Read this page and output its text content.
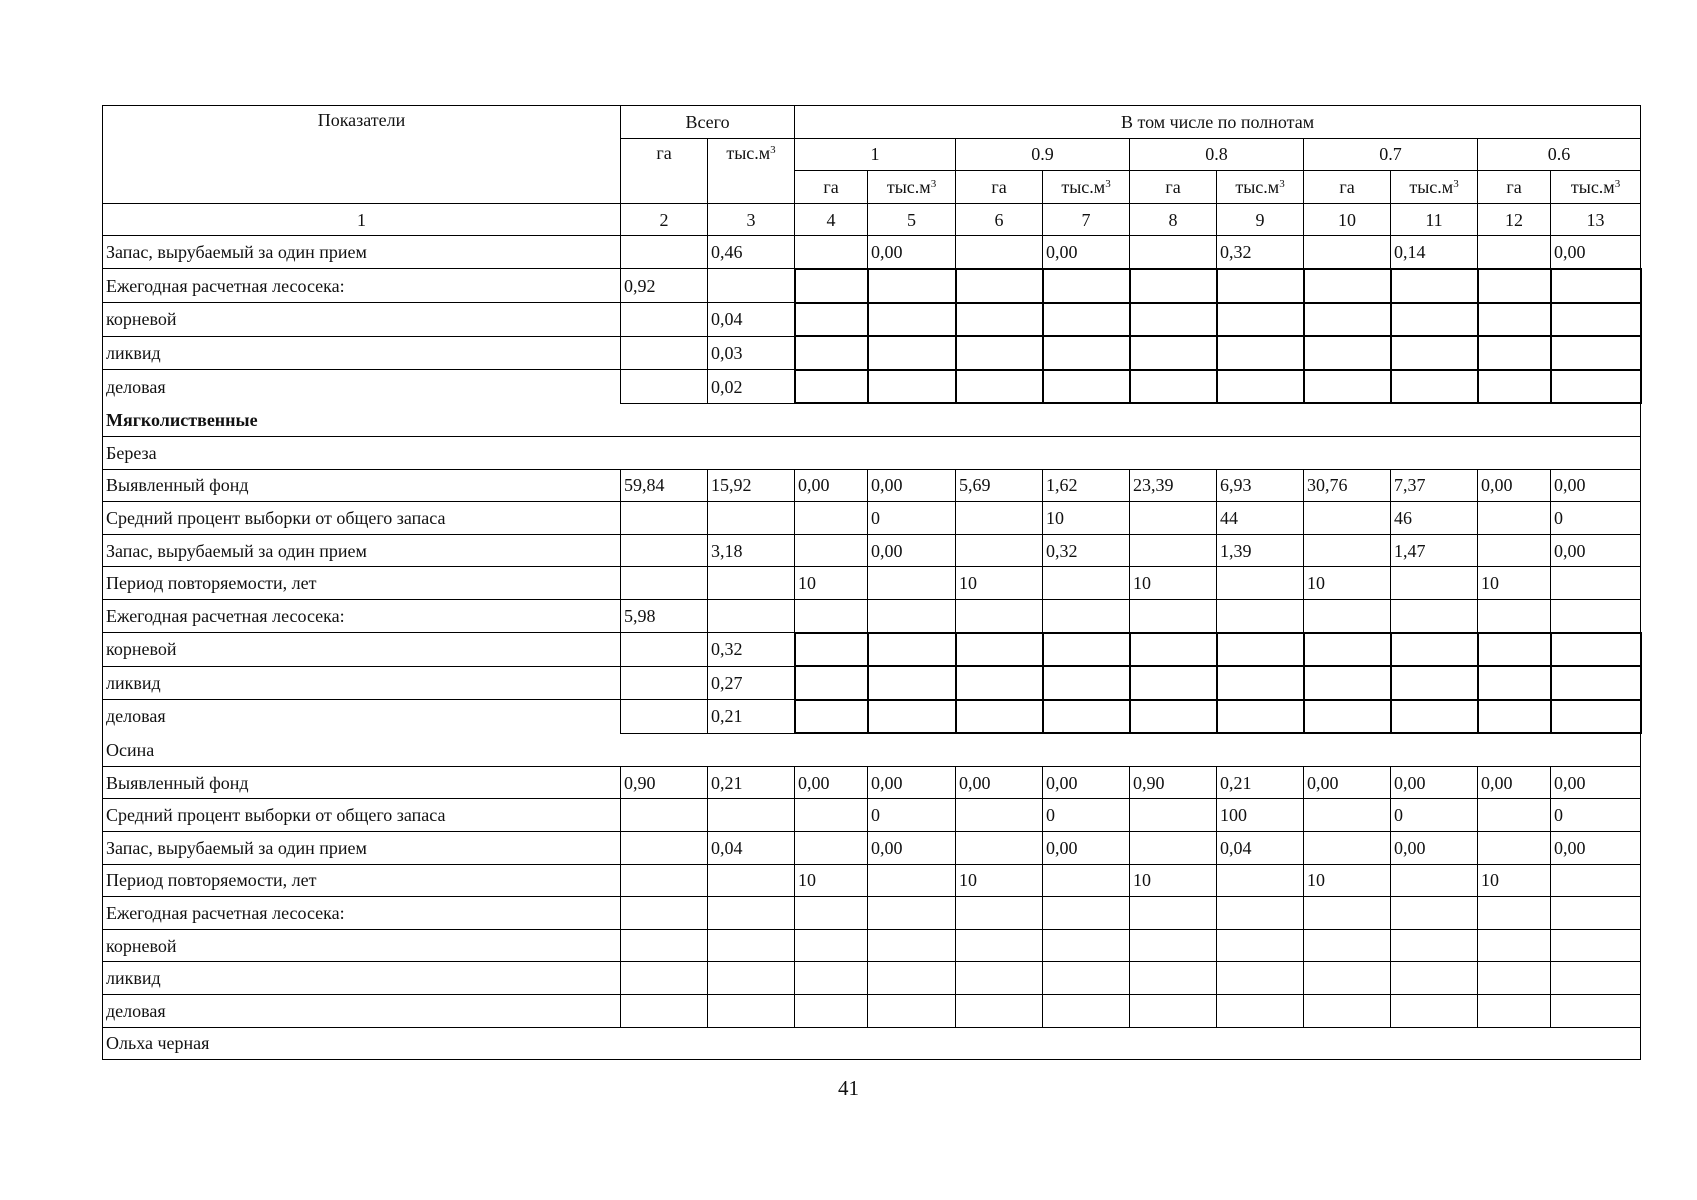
Показатели	Всего		В том числе по полнотам									
	га	$тыс.м^3$	1		0.9		0.8		0.7		0.6	
			га	$тыс.м^3$	га	$тыс.м^3$	га	$тыс.м^3$	га	$тыс.м^3$	га	$тыс.м^3$
1	2	3	4	5	6	7	8	9	10	11	12	13
Запас, вырубаемый за один прием		0,46		0,00		0,00		0,32		0,14		0,00
Ежегодная расчетная лесосека:	0,92											
корневой		0,04										
ликвид		0,03										
деловая		0,02										
Мягколиственные												
Береза												
Выявленный фонд	59,84	15,92	0,00	0,00	5,69	1,62	23,39	6,93	30,76	7,37	0,00	0,00
Средний процент выборки от общего запаса				0		10		44		46		0
Запас, вырубаемый за один прием		3,18		0,00		0,32		1,39		1,47		0,00
Период повторяемости, лет			10		10		10		10		10	
Ежегодная расчетная лесосека:	5,98											
корневой		0,32										
ликвид		0,27										
деловая		0,21										
Осина												
Выявленный фонд	0,90	0,21	0,00	0,00	0,00	0,00	0,90	0,21	0,00	0,00	0,00	0,00
Средний процент выборки от общего запаса				0		0		100		0		0
Запас, вырубаемый за один прием		0,04		0,00		0,00		0,04		0,00		0,00
Период повторяемости, лет			10		10		10		10		10	
Ежегодная расчетная лесосека:												
корневой												
ликвид												
деловая												
Ольха черная												
41
